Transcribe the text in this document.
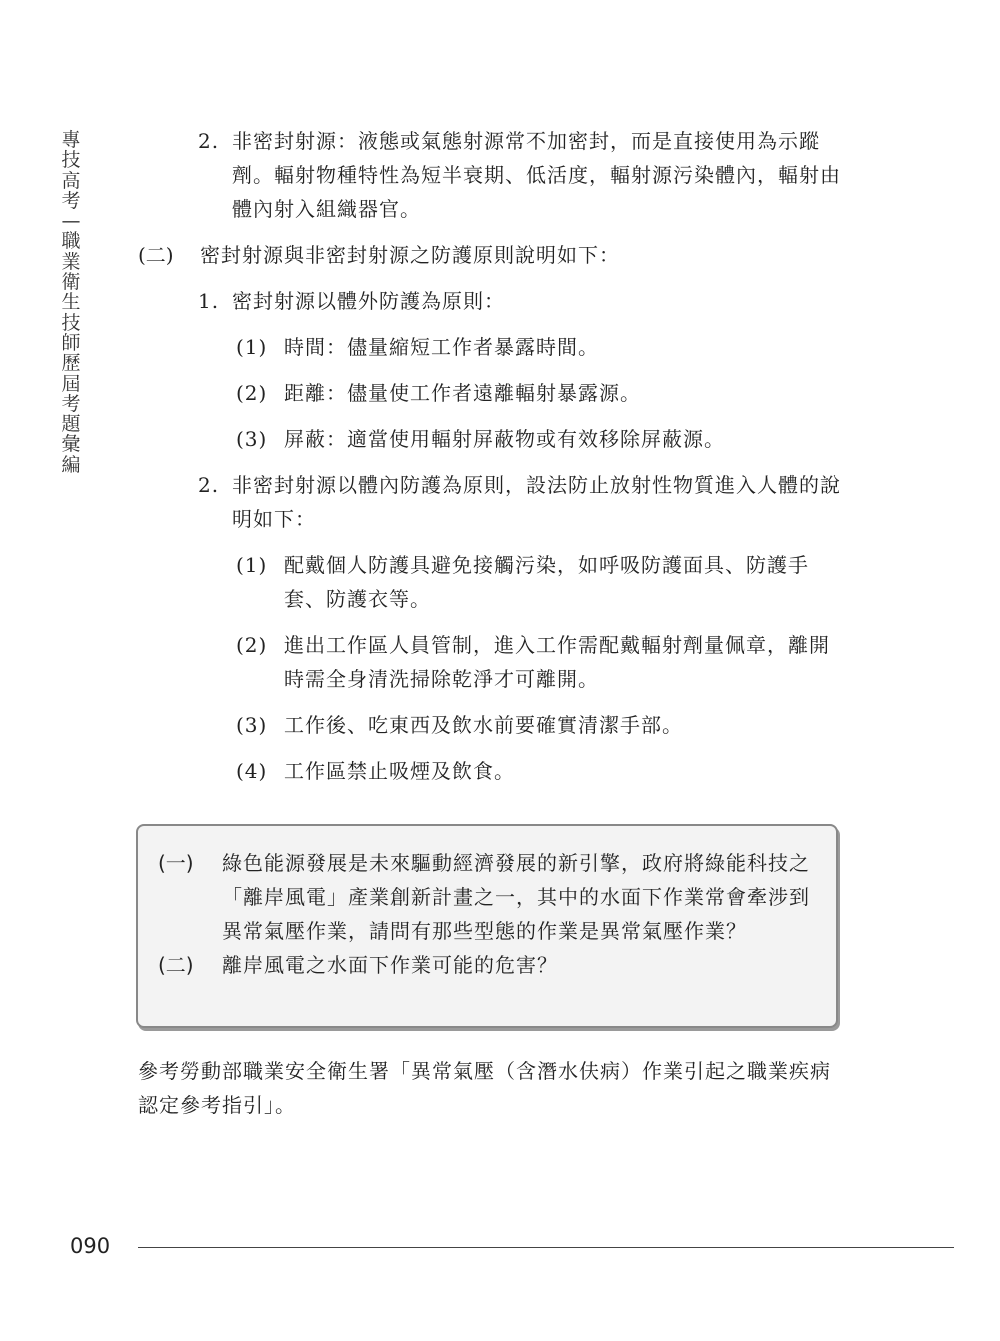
專
技
高
考
—
職
業
衛
生
技
師
歷
屆
考
題
彙
編
2. 非密封射源：液態或氣態射源常不加密封，而是直接使用為示蹤劑。輻射物種特性為短半衰期、低活度，輻射源污染體內，輻射由體內射入組織器官。
(二)	密封射源與非密封射源之防護原則說明如下：
1. 密封射源以體外防護為原則：
(1) 時間：儘量縮短工作者暴露時間。
(2) 距離：儘量使工作者遠離輻射暴露源。
(3) 屏蔽：適當使用輻射屏蔽物或有效移除屏蔽源。
2. 非密封射源以體內防護為原則，設法防止放射性物質進入人體的說明如下：
(1) 配戴個人防護具避免接觸污染，如呼吸防護面具、防護手套、防護衣等。
(2) 進出工作區人員管制，進入工作需配戴輻射劑量佩章，離開時需全身清洗掃除乾淨才可離開。
(3) 工作後、吃東西及飲水前要確實清潔手部。
(4) 工作區禁止吸煙及飲食。
(一)	綠色能源發展是未來驅動經濟發展的新引擎，政府將綠能科技之「離岸風電」產業創新計畫之一，其中的水面下作業常會牽涉到異常氣壓作業，請問有那些型態的作業是異常氣壓作業？
(二)	離岸風電之水面下作業可能的危害？
參考勞動部職業安全衛生署「異常氣壓（含潛水伕病）作業引起之職業疾病認定參考指引」。
090
